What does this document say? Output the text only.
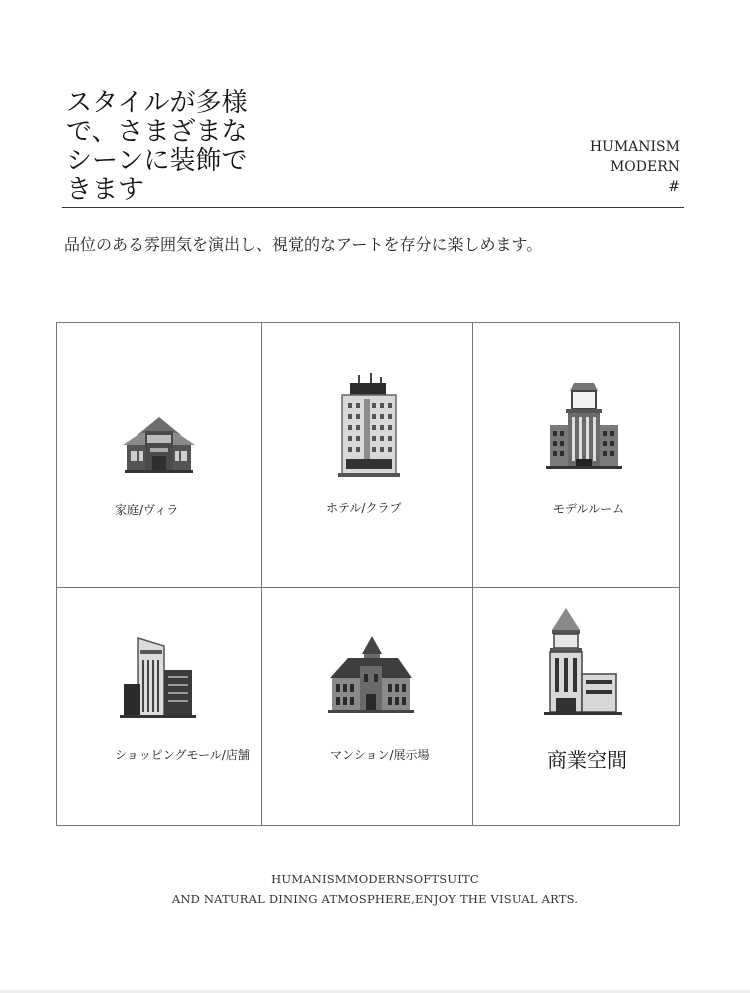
スタイルが多様
で、さまざまな
シーンに装飾で
きます
HUMANISM
MODERN
#
品位のある雰囲気を演出し、視覚的なアートを存分に楽しめます。
家庭/ヴィラ	ホテル/クラブ	モデルルーム
ショッピングモール/店舗	マンション/展示場	商業空間
HUMANISMMODERNSOFTSUITC
AND NATURAL DINING ATMOSPHERE,ENJOY THE VISUAL ARTS.
